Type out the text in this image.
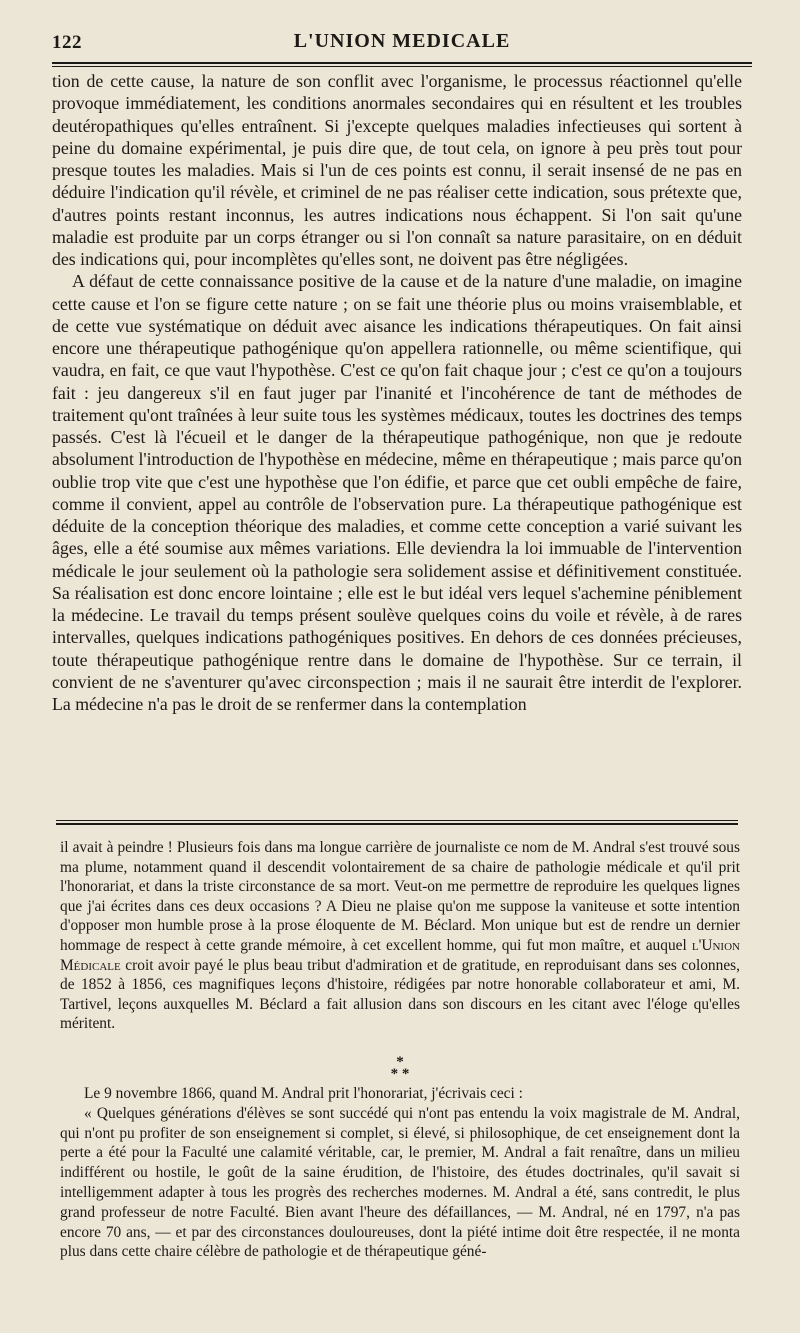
122	L'UNION MEDICALE

tion de cette cause, la nature de son conflit avec l'organisme, le processus réactionnel qu'elle provoque immédiatement, les conditions anormales secondaires qui en résultent et les troubles deutéropathiques qu'elles entraînent. Si j'excepte quelques maladies infectieuses qui sortent à peine du domaine expérimental, je puis dire que, de tout cela, on ignore à peu près tout pour presque toutes les maladies. Mais si l'un de ces points est connu, il serait insensé de ne pas en déduire l'indication qu'il révèle, et criminel de ne pas réaliser cette indication, sous prétexte que, d'autres points restant inconnus, les autres indications nous échappent. Si l'on sait qu'une maladie est produite par un corps étranger ou si l'on connaît sa nature parasitaire, on en déduit des indications qui, pour incomplètes qu'elles sont, ne doivent pas être négligées.

A défaut de cette connaissance positive de la cause et de la nature d'une maladie, on imagine cette cause et l'on se figure cette nature ; on se fait une théorie plus ou moins vraisemblable, et de cette vue systématique on déduit avec aisance les indications thérapeutiques. On fait ainsi encore une thérapeutique pathogénique qu'on appellera rationnelle, ou même scientifique, qui vaudra, en fait, ce que vaut l'hypothèse. C'est ce qu'on fait chaque jour ; c'est ce qu'on a toujours fait : jeu dangereux s'il en faut juger par l'inanité et l'incohérence de tant de méthodes de traitement qu'ont traînées à leur suite tous les systèmes médicaux, toutes les doctrines des temps passés. C'est là l'écueil et le danger de la thérapeutique pathogénique, non que je redoute absolument l'introduction de l'hypothèse en médecine, même en thérapeutique ; mais parce qu'on oublie trop vite que c'est une hypothèse que l'on édifie, et parce que cet oubli empêche de faire, comme il convient, appel au contrôle de l'observation pure. La thérapeutique pathogénique est déduite de la conception théorique des maladies, et comme cette conception a varié suivant les âges, elle a été soumise aux mêmes variations. Elle deviendra la loi immuable de l'intervention médicale le jour seulement où la pathologie sera solidement assise et définitivement constituée. Sa réalisation est donc encore lointaine ; elle est le but idéal vers lequel s'achemine péniblement la médecine. Le travail du temps présent soulève quelques coins du voile et révèle, à de rares intervalles, quelques indications pathogéniques positives. En dehors de ces données précieuses, toute thérapeutique pathogénique rentre dans le domaine de l'hypothèse. Sur ce terrain, il convient de ne s'aventurer qu'avec circonspection ; mais il ne saurait être interdit de l'explorer. La médecine n'a pas le droit de se renfermer dans la contemplation

il avait à peindre ! Plusieurs fois dans ma longue carrière de journaliste ce nom de M. Andral s'est trouvé sous ma plume, notamment quand il descendit volontairement de sa chaire de pathologie médicale et qu'il prit l'honorariat, et dans la triste circonstance de sa mort. Veut-on me permettre de reproduire les quelques lignes que j'ai écrites dans ces deux occasions ? A Dieu ne plaise qu'on me suppose la vaniteuse et sotte intention d'opposer mon humble prose à la prose éloquente de M. Béclard. Mon unique but est de rendre un dernier hommage de respect à cette grande mémoire, à cet excellent homme, qui fut mon maître, et auquel l'Union Médicale croit avoir payé le plus beau tribut d'admiration et de gratitude, en reproduisant dans ses colonnes, de 1852 à 1856, ces magnifiques leçons d'histoire, rédigées par notre honorable collaborateur et ami, M. Tartivel, leçons auxquelles M. Béclard a fait allusion dans son discours en les citant avec l'éloge qu'elles méritent.

*
* *

Le 9 novembre 1866, quand M. Andral prit l'honorariat, j'écrivais ceci :

« Quelques générations d'élèves se sont succédé qui n'ont pas entendu la voix magistrale de M. Andral, qui n'ont pu profiter de son enseignement si complet, si élevé, si philosophique, de cet enseignement dont la perte a été pour la Faculté une calamité véritable, car, le premier, M. Andral a fait renaître, dans un milieu indifférent ou hostile, le goût de la saine érudition, de l'histoire, des études doctrinales, qu'il savait si intelligemment adapter à tous les progrès des recherches modernes. M. Andral a été, sans contredit, le plus grand professeur de notre Faculté. Bien avant l'heure des défaillances, — M. Andral, né en 1797, n'a pas encore 70 ans, — et par des circonstances douloureuses, dont la piété intime doit être respectée, il ne monta plus dans cette chaire célèbre de pathologie et de thérapeutique géné-
